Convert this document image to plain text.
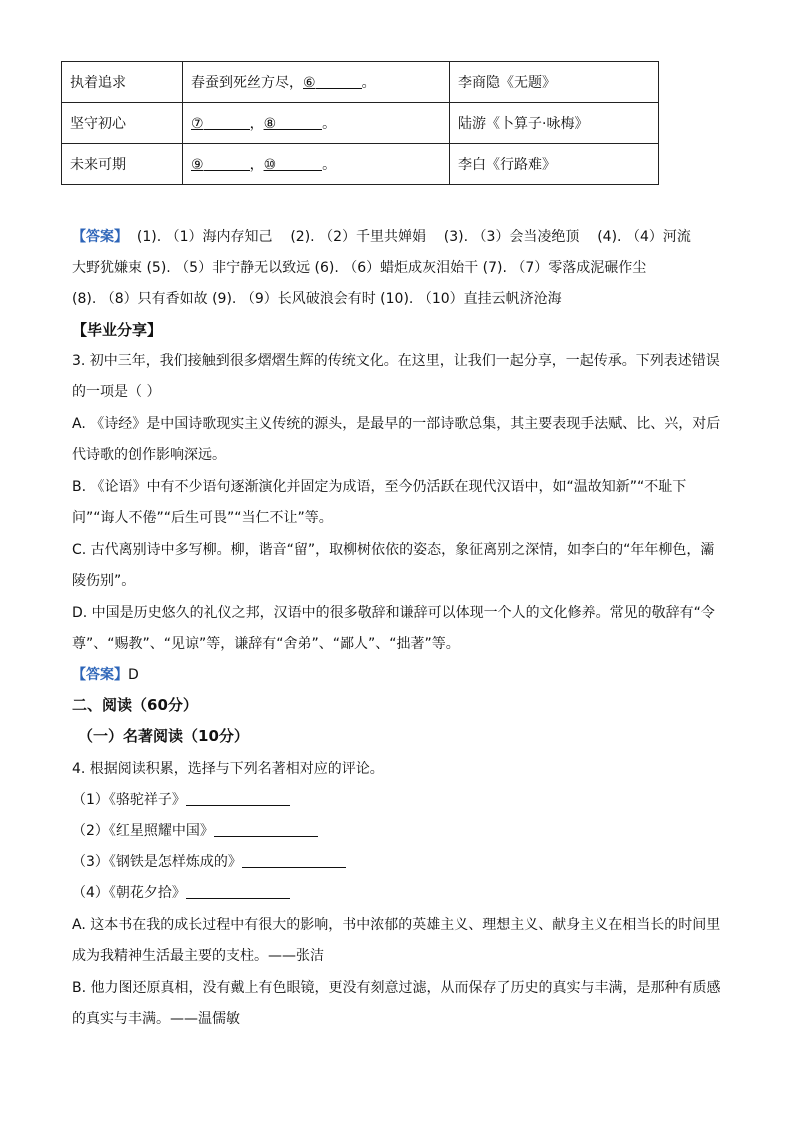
执着追求	春蚕到死丝方尽，⑥ 。	李商隐《无题》
坚守初心	⑦ ，⑧ 。	陆游《卜算子·咏梅》
未来可期	⑨ ，⑩ 。	李白《行路难》
【答案】  (1). （1）海内存知己    (2). （2）千里共婵娟    (3). （3）会当凌绝顶    (4). （4）河流
大野犹嫌束 (5). （5）非宁静无以致远 (6). （6）蜡炬成灰泪始干 (7). （7）零落成泥碾作尘
(8). （8）只有香如故 (9). （9）长风破浪会有时 (10). （10）直挂云帆济沧海
【毕业分享】
3. 初中三年，我们接触到很多熠熠生辉的传统文化。在这里，让我们一起分享，一起传承。下列表述错误
的一项是（ ）
A. 《诗经》是中国诗歌现实主义传统的源头，是最早的一部诗歌总集，其主要表现手法赋、比、兴，对后
代诗歌的创作影响深远。
B. 《论语》中有不少语句逐渐演化并固定为成语，至今仍活跃在现代汉语中，如“温故知新”“不耻下
问”“诲人不倦”“后生可畏”“当仁不让”等。
C. 古代离别诗中多写柳。柳，谐音“留”，取柳树依依的姿态，象征离别之深情，如李白的“年年柳色，灞
陵伤别”。
D. 中国是历史悠久的礼仪之邦，汉语中的很多敬辞和谦辞可以体现一个人的文化修养。常见的敬辞有“令
尊”、“赐教”、“见谅”等，谦辞有“舍弟”、“鄙人”、“拙著”等。
【答案】D
二、阅读（60分）
（一）名著阅读（10分）
4. 根据阅读积累，选择与下列名著相对应的评论。
（1）《骆驼祥子》
（2）《红星照耀中国》
（3）《钢铁是怎样炼成的》
（4）《朝花夕拾》
A. 这本书在我的成长过程中有很大的影响，书中浓郁的英雄主义、理想主义、献身主义在相当长的时间里
成为我精神生活最主要的支柱。——张洁
B. 他力图还原真相，没有戴上有色眼镜，更没有刻意过滤，从而保存了历史的真实与丰满，是那种有质感
的真实与丰满。——温儒敏
